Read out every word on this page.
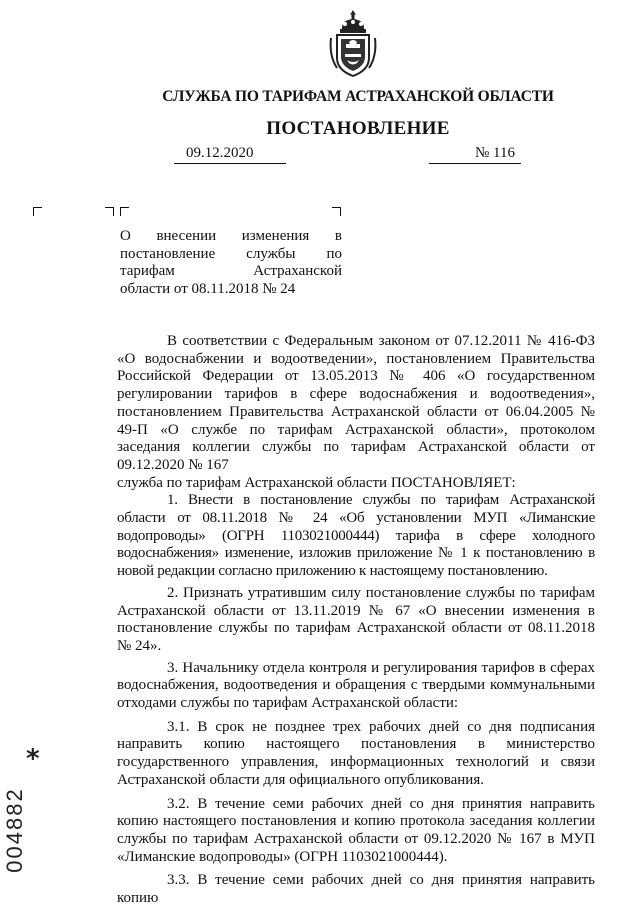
СЛУЖБА ПО ТАРИФАМ АСТРАХАНСКОЙ ОБЛАСТИ
ПОСТАНОВЛЕНИЕ
09.12.2020	№ 116
О внесении изменения в
постановление службы по
тарифам Астраханской
области от 08.11.2018 № 24

В соответствии с Федеральным законом от 07.12.2011 № 416-ФЗ «О водоснабжении и водоотведении», постановлением Правительства Российской Федерации от 13.05.2013 № 406 «О государственном регулировании тарифов в сфере водоснабжения и водоотведения», постановлением Правительства Астраханской области от 06.04.2005 № 49-П «О службе по тарифам Астраханской области», протоколом заседания коллегии службы по тарифам Астраханской области от 09.12.2020 № 167

служба по тарифам Астраханской области ПОСТАНОВЛЯЕТ:

1. Внести в постановление службы по тарифам Астраханской области от 08.11.2018 № 24 «Об установлении МУП «Лиманские водопроводы» (ОГРН 1103021000444) тарифа в сфере холодного водоснабжения» изменение, изложив приложение № 1 к постановлению в новой редакции согласно приложению к настоящему постановлению.

2. Признать утратившим силу постановление службы по тарифам Астраханской области от 13.11.2019 № 67 «О внесении изменения в постановление службы по тарифам Астраханской области от 08.11.2018 № 24».

3. Начальнику отдела контроля и регулирования тарифов в сферах водоснабжения, водоотведения и обращения с твердыми коммунальными отходами службы по тарифам Астраханской области:

3.1. В срок не позднее трех рабочих дней со дня подписания направить копию настоящего постановления в министерство государственного управления, информационных технологий и связи Астраханской области для официального опубликования.

3.2. В течение семи рабочих дней со дня принятия направить копию настоящего постановления и копию протокола заседания коллегии службы по тарифам Астраханской области от 09.12.2020 № 167 в МУП «Лиманские водопроводы» (ОГРН 1103021000444).

3.3. В течение семи рабочих дней со дня принятия направить копию

*
004882
